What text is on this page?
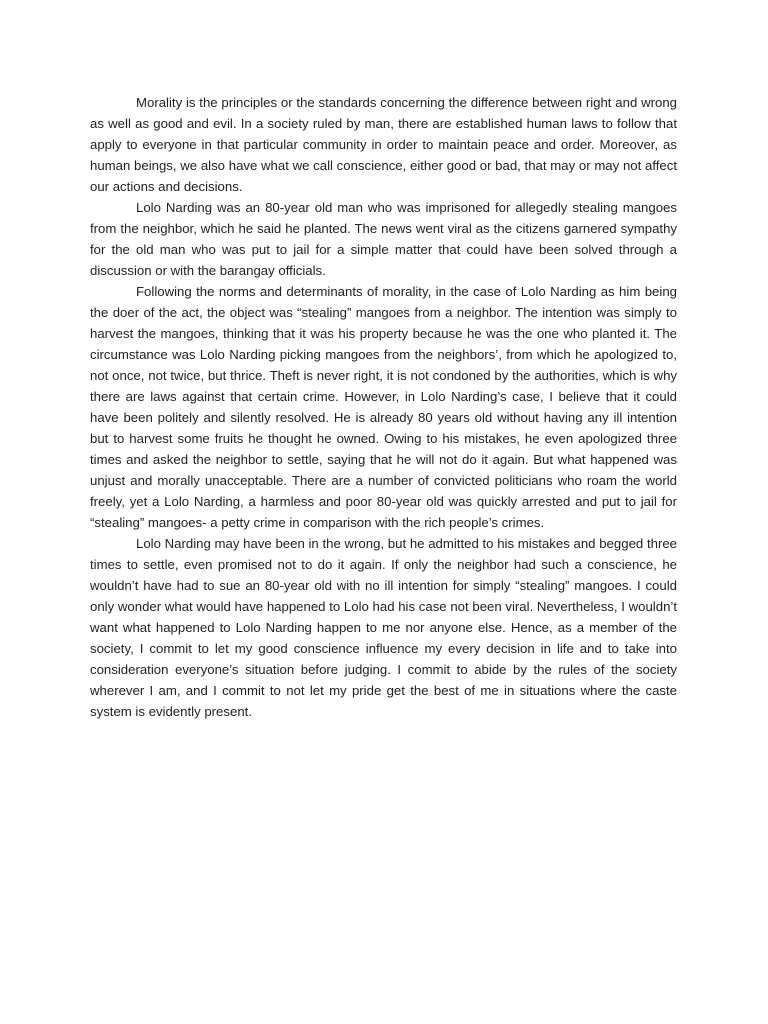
Morality is the principles or the standards concerning the difference between right and wrong as well as good and evil. In a society ruled by man, there are established human laws to follow that apply to everyone in that particular community in order to maintain peace and order. Moreover, as human beings, we also have what we call conscience, either good or bad, that may or may not affect our actions and decisions.

Lolo Narding was an 80-year old man who was imprisoned for allegedly stealing mangoes from the neighbor, which he said he planted. The news went viral as the citizens garnered sympathy for the old man who was put to jail for a simple matter that could have been solved through a discussion or with the barangay officials.

Following the norms and determinants of morality, in the case of Lolo Narding as him being the doer of the act, the object was “stealing” mangoes from a neighbor. The intention was simply to harvest the mangoes, thinking that it was his property because he was the one who planted it. The circumstance was Lolo Narding picking mangoes from the neighbors’, from which he apologized to, not once, not twice, but thrice. Theft is never right, it is not condoned by the authorities, which is why there are laws against that certain crime. However, in Lolo Narding’s case, I believe that it could have been politely and silently resolved. He is already 80 years old without having any ill intention but to harvest some fruits he thought he owned. Owing to his mistakes, he even apologized three times and asked the neighbor to settle, saying that he will not do it again. But what happened was unjust and morally unacceptable. There are a number of convicted politicians who roam the world freely, yet a Lolo Narding, a harmless and poor 80-year old was quickly arrested and put to jail for “stealing” mangoes- a petty crime in comparison with the rich people’s crimes.

Lolo Narding may have been in the wrong, but he admitted to his mistakes and begged three times to settle, even promised not to do it again. If only the neighbor had such a conscience, he wouldn’t have had to sue an 80-year old with no ill intention for simply “stealing” mangoes. I could only wonder what would have happened to Lolo had his case not been viral. Nevertheless, I wouldn’t want what happened to Lolo Narding happen to me nor anyone else. Hence, as a member of the society, I commit to let my good conscience influence my every decision in life and to take into consideration everyone’s situation before judging. I commit to abide by the rules of the society wherever I am, and I commit to not let my pride get the best of me in situations where the caste system is evidently present.
